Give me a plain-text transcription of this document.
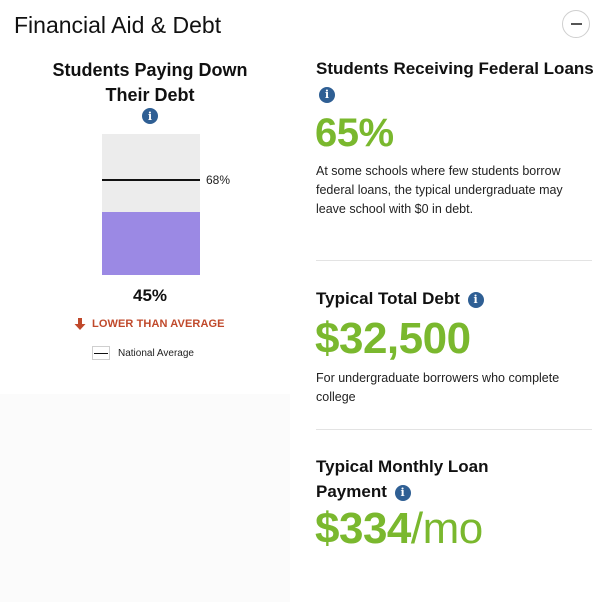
Financial Aid & Debt
Students Paying Down Their Debt
i
68%
45%
LOWER THAN AVERAGE
National Average
Students Receiving Federal Loans i
65%
At some schools where few students borrow federal loans, the typical undergraduate may leave school with $0 in debt.
Typical Total Debt i
$32,500
For undergraduate borrowers who complete college
Typical Monthly Loan Payment i
$334/mo
